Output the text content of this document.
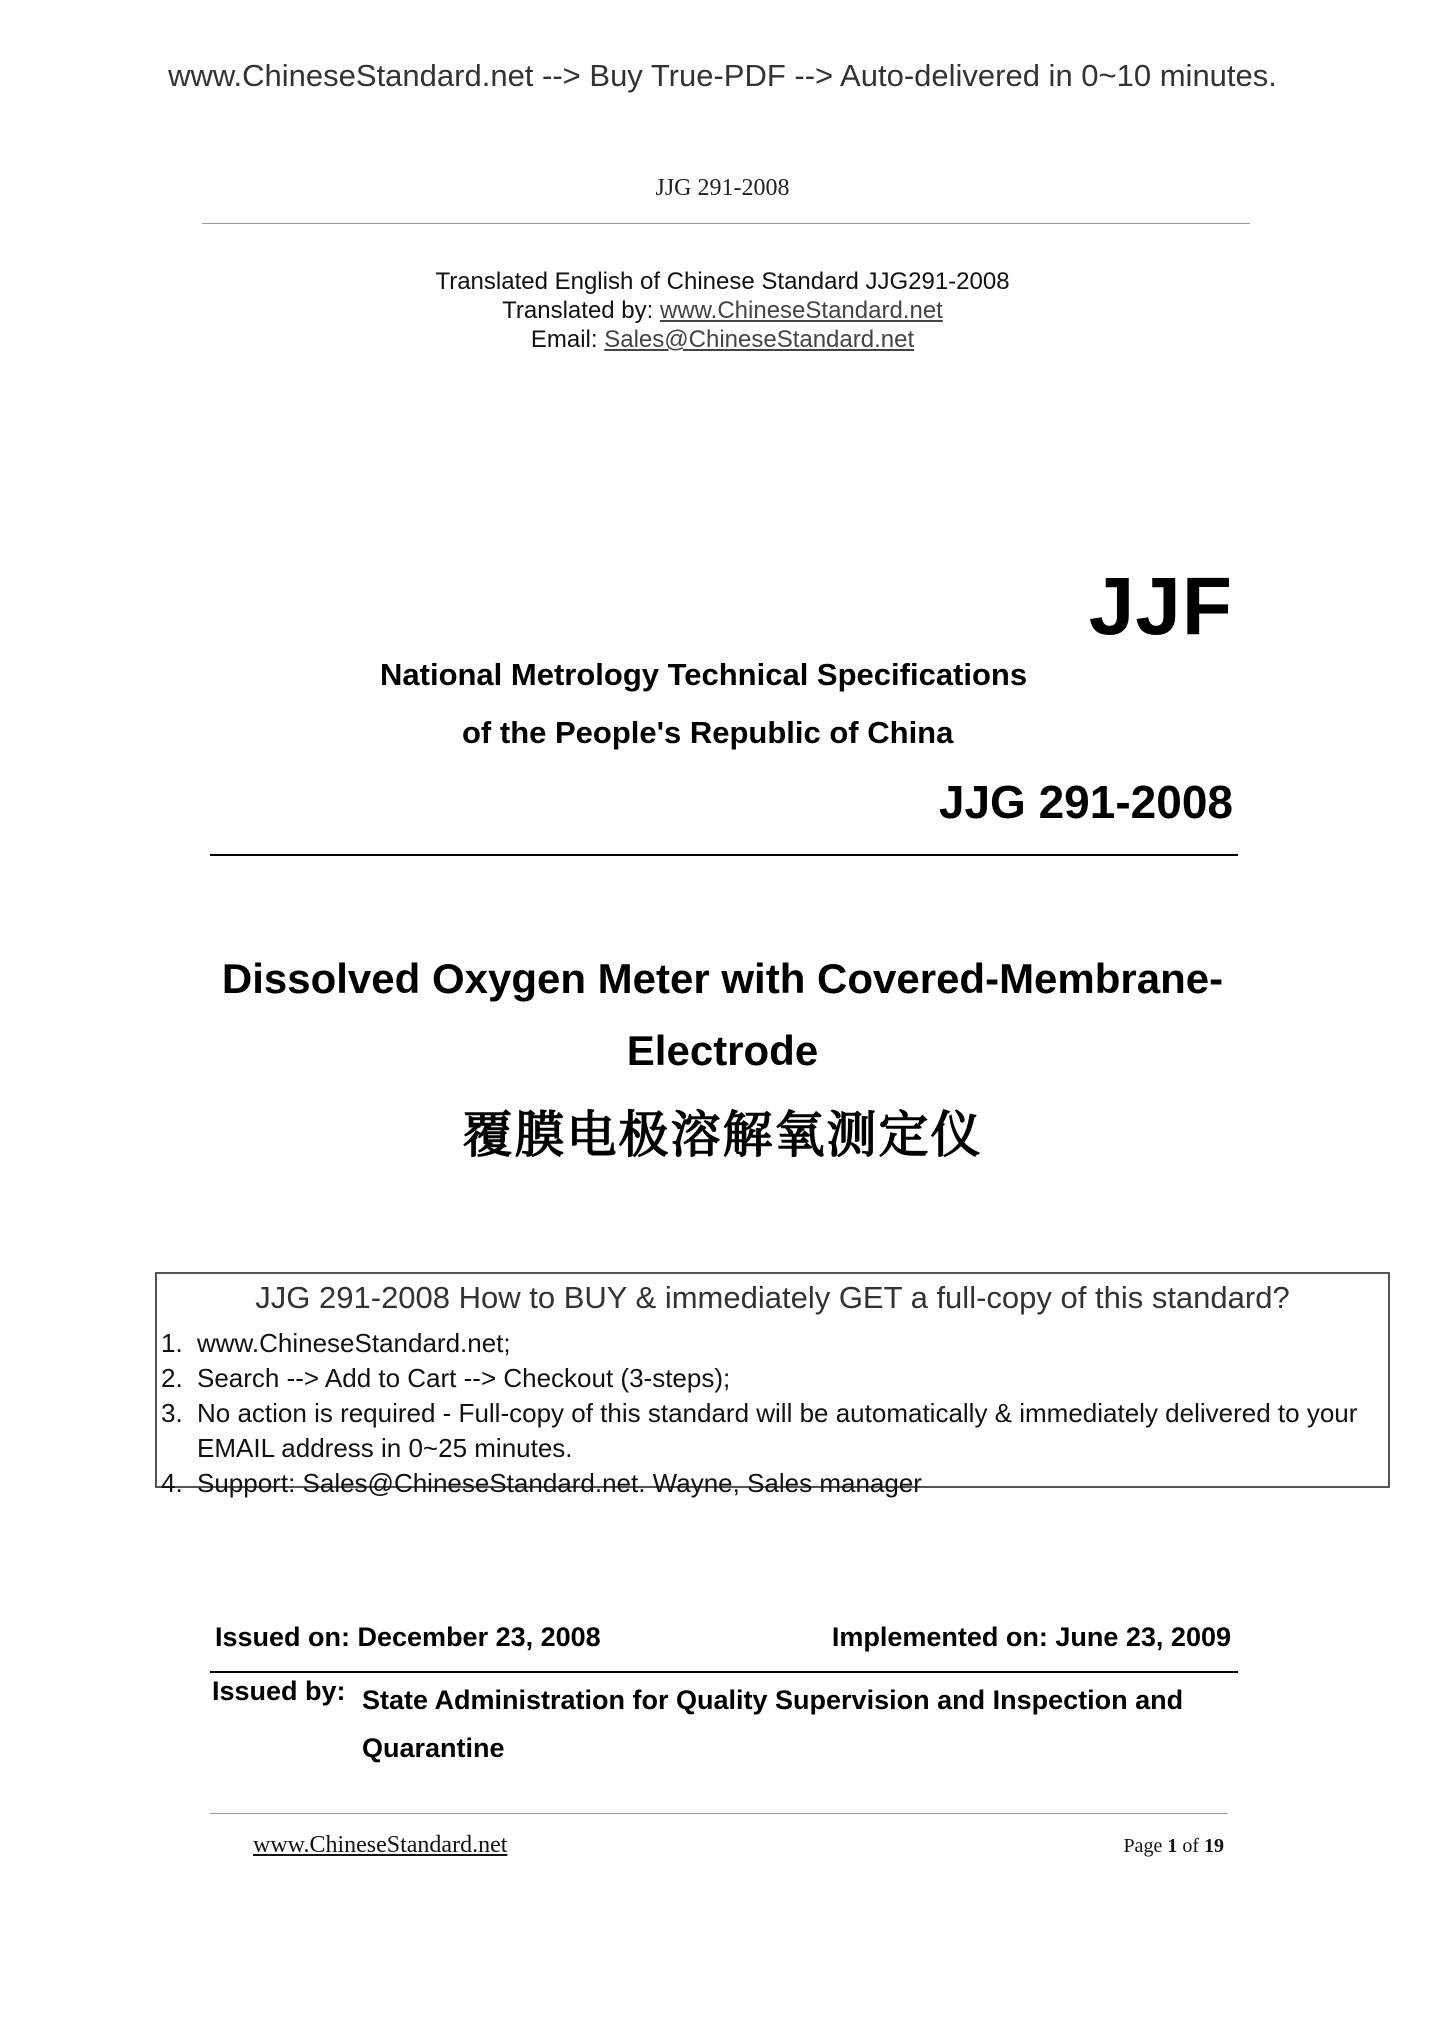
www.ChineseStandard.net --> Buy True-PDF --> Auto-delivered in 0~10 minutes.
JJG 291-2008
Translated English of Chinese Standard JJG291-2008
Translated by: www.ChineseStandard.net
Email: Sales@ChineseStandard.net
JJF
National Metrology Technical Specifications
of the People's Republic of China
JJG 291-2008
Dissolved Oxygen Meter with Covered-Membrane-
Electrode
覆膜电极溶解氧测定仪
JJG 291-2008 How to BUY & immediately GET a full-copy of this standard?
1. www.ChineseStandard.net;
2. Search --> Add to Cart --> Checkout (3-steps);
3. No action is required - Full-copy of this standard will be automatically & immediately delivered to your EMAIL address in 0~25 minutes.
4. Support: Sales@ChineseStandard.net. Wayne, Sales manager
Issued on: December 23, 2008	Implemented on: June 23, 2009
Issued by: State Administration for Quality Supervision and Inspection and Quarantine
www.ChineseStandard.net	Page 1 of 19
